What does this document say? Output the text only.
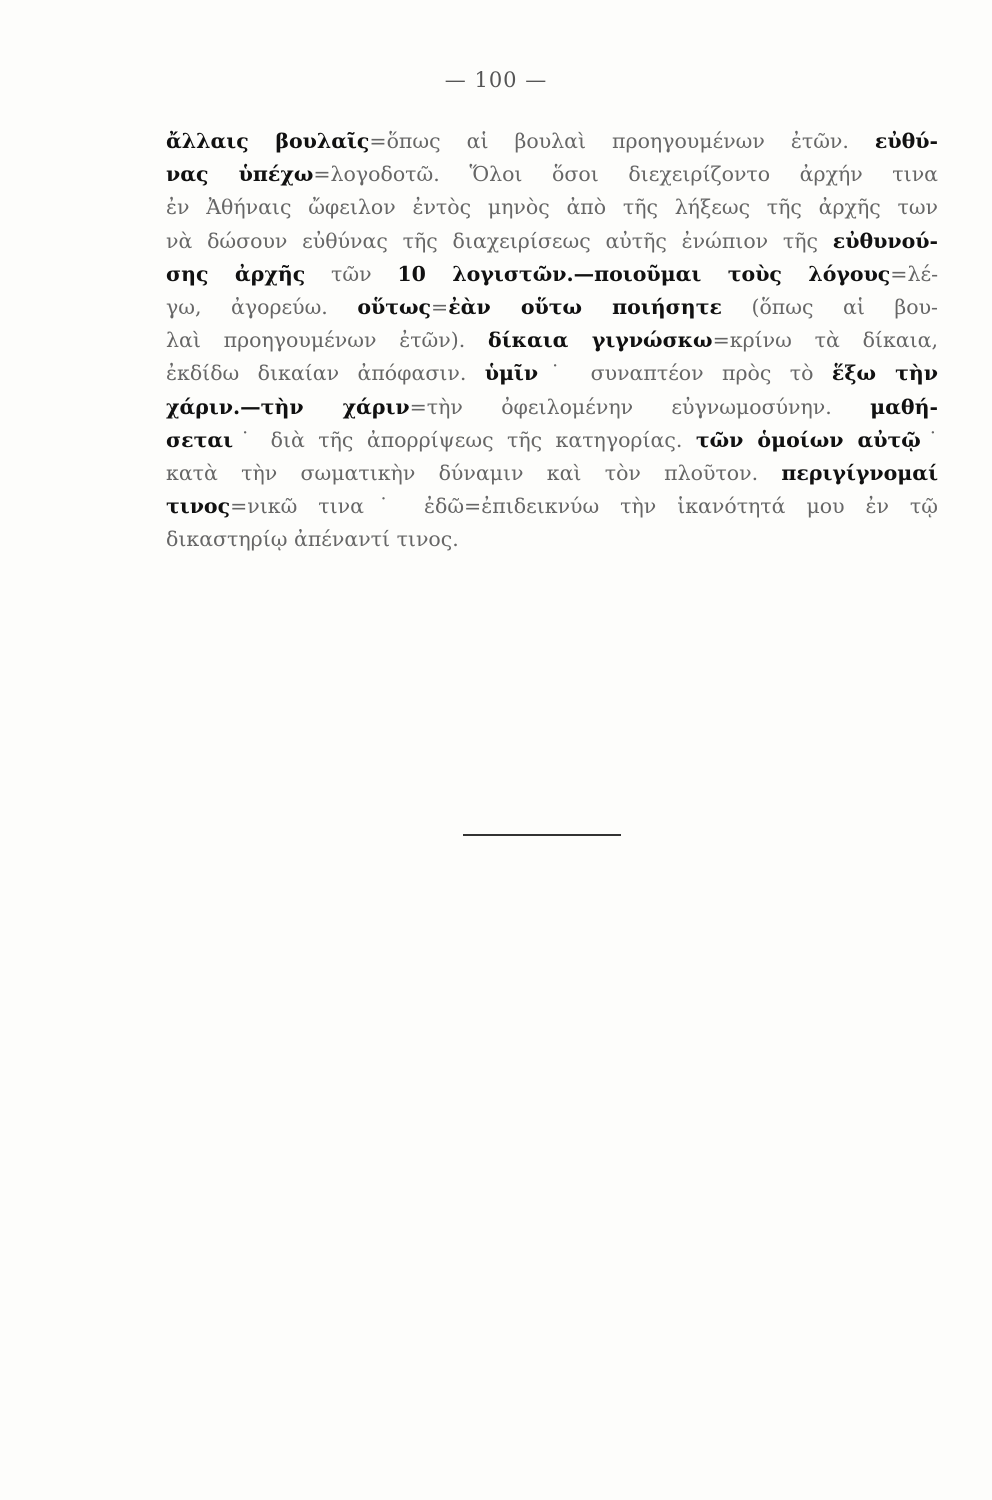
— 100 —
ἄλλαις βουλαῖς=ὅπως αἱ βουλαὶ προηγουμένων ἐτῶν. εὐθύ-
νας ὑπέχω=λογοδοτῶ. Ὅλοι ὅσοι διεχειρίζοντο ἀρχήν τινα
ἐν Ἀθήναις ὤφειλον ἐντὸς μηνὸς ἀπὸ τῆς λήξεως τῆς ἀρχῆς των
νὰ δώσουν εὐθύνας τῆς διαχειρίσεως αὐτῆς ἐνώπιον τῆς εὐθυνού-
σης ἀρχῆς τῶν 10 λογιστῶν.—ποιοῦμαι τοὺς λόγους=λέ-
γω, ἀγορεύω. οὕτως=ἐὰν οὕτω ποιήσητε (ὅπως αἱ βου-
λαὶ προηγουμένων ἐτῶν). δίκαια γιγνώσκω=κρίνω τὰ δίκαια,
ἐκδίδω δικαίαν ἀπόφασιν. ὑμῖν˙ συναπτέον πρὸς τὸ ἕξω τὴν
χάριν.—τὴν χάριν=τὴν ὀφειλομένην εὐγνωμοσύνην. μαθή-
σεται˙ διὰ τῆς ἀπορρίψεως τῆς κατηγορίας. τῶν ὁμοίων αὐτῷ˙
κατὰ τὴν σωματικὴν δύναμιν καὶ τὸν πλοῦτον. περιγίγνομαί
τινος=νικῶ τινα˙ ἐδῶ=ἐπιδεικνύω τὴν ἱκανότητά μου ἐν τῷ
δικαστηρίῳ ἀπέναντί τινος.
